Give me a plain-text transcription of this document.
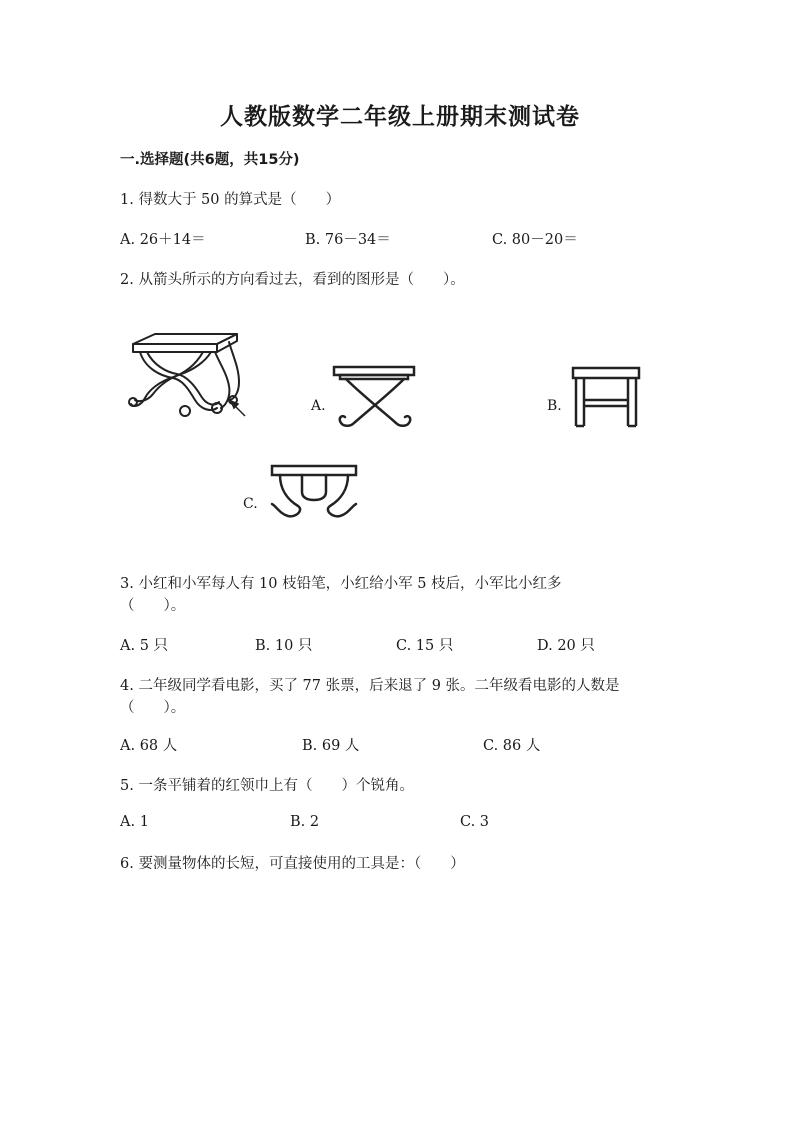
人教版数学二年级上册期末测试卷
一.选择题(共6题，共15分)
1. 得数大于 50 的算式是（　　）
A. 26＋14＝	B. 76－34＝	C. 80－20＝
2. 从箭头所示的方向看过去，看到的图形是（　　）。
A.	B.
C.
3. 小红和小军每人有 10 枝铅笔，小红给小军 5 枝后，小军比小红多
（　　）。
A. 5 只	B. 10 只	C. 15 只	D. 20 只
4. 二年级同学看电影，买了 77 张票，后来退了 9 张。二年级看电影的人数是
（　　）。
A. 68 人	B. 69 人	C. 86 人
5. 一条平铺着的红领巾上有（　　）个锐角。
A. 1	B. 2	C. 3
6. 要测量物体的长短，可直接使用的工具是：（　　）
